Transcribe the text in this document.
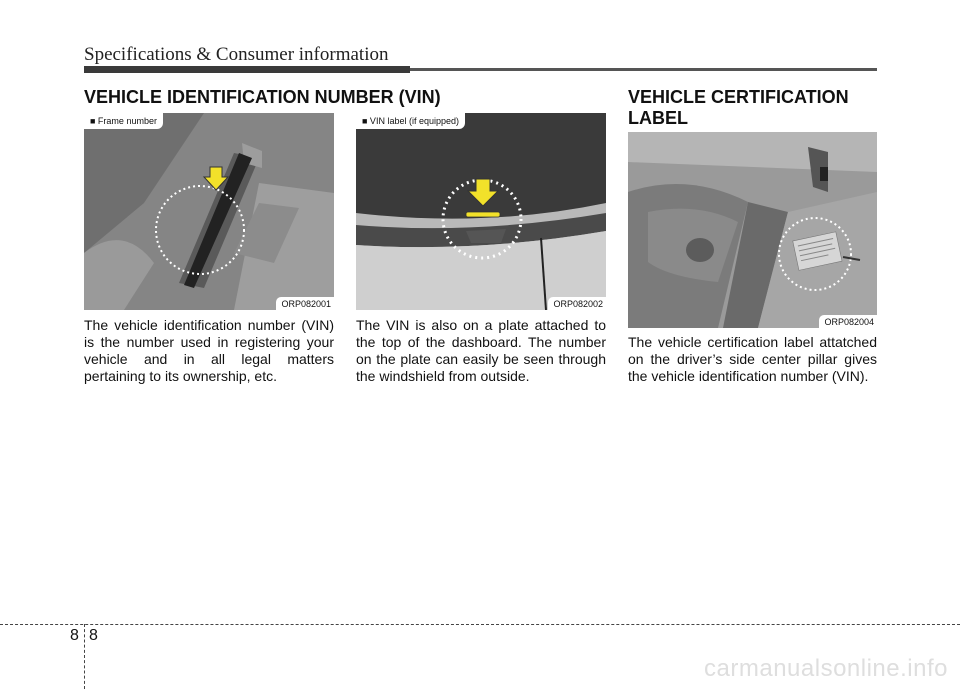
Specifications & Consumer information
VEHICLE IDENTIFICATION NUMBER (VIN)	VEHICLE CERTIFICATION
LABEL
■ Frame number
ORP082001
■ VIN label (if equipped)
ORP082002
ORP082004
The vehicle identification number (VIN) is the number used in registering your vehicle and in all legal matters pertaining to its ownership, etc.
The VIN is also on a plate attached to the top of the dashboard. The number on the plate can easily be seen through the windshield from outside.
The vehicle certification label attatched on the driver’s side center pillar gives the vehicle identification number (VIN).
8 8
carmanualsonline.info
